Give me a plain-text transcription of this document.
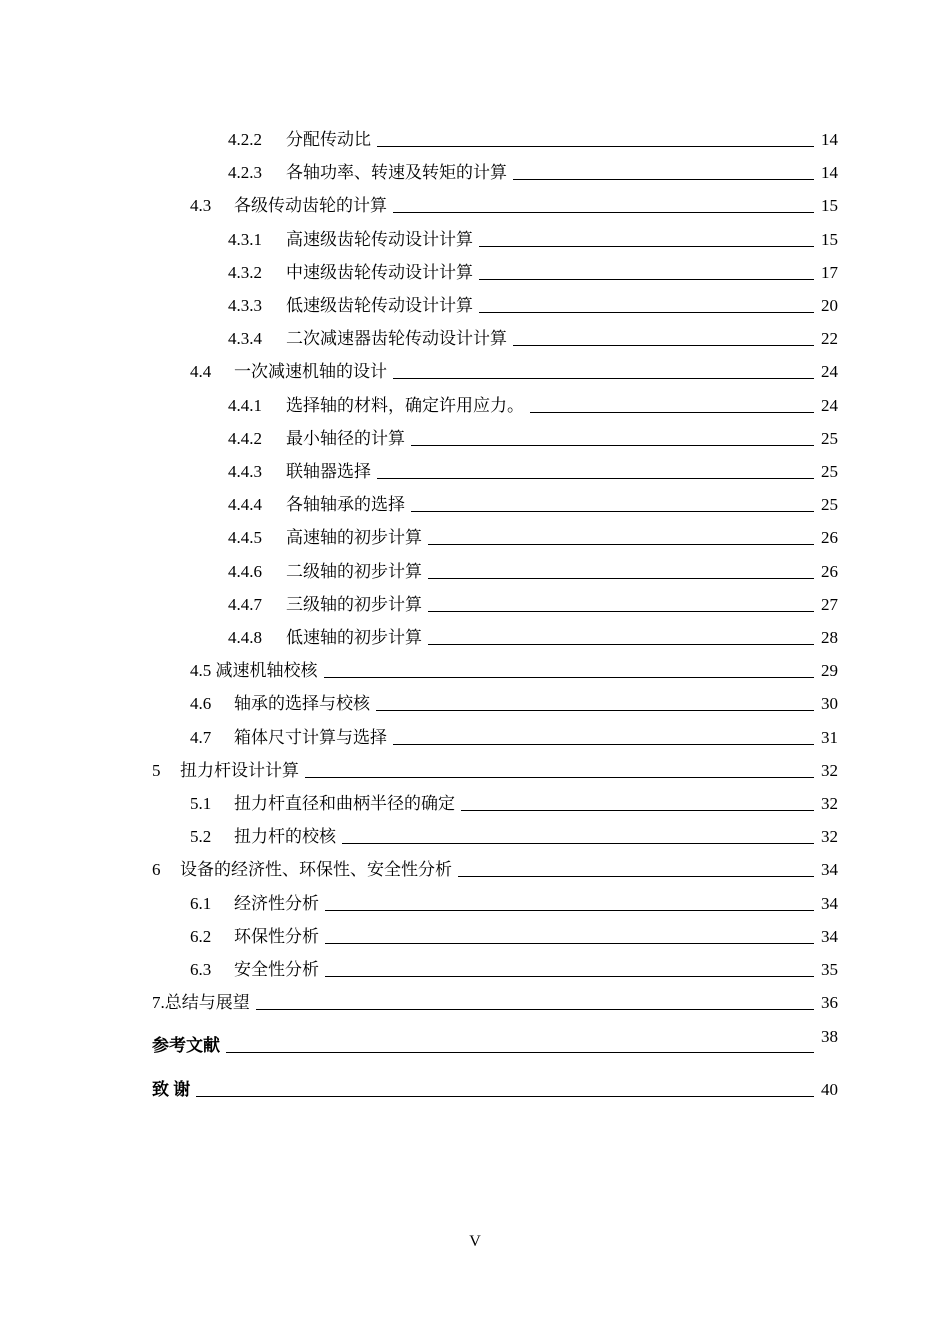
4.2.2	分配传动比	14
4.2.3	各轴功率、转速及转矩的计算	14
4.3	各级传动齿轮的计算	15
4.3.1	高速级齿轮传动设计计算	15
4.3.2	中速级齿轮传动设计计算	17
4.3.3	低速级齿轮传动设计计算	20
4.3.4	二次减速器齿轮传动设计计算	22
4.4	一次减速机轴的设计	24
4.4.1	选择轴的材料，确定许用应力。	24
4.4.2	最小轴径的计算	25
4.4.3	联轴器选择	25
4.4.4	各轴轴承的选择	25
4.4.5	高速轴的初步计算	26
4.4.6	二级轴的初步计算	26
4.4.7	三级轴的初步计算	27
4.4.8	低速轴的初步计算	28
4.5 减速机轴校核	29
4.6	轴承的选择与校核	30
4.7	箱体尺寸计算与选择	31
5	扭力杆设计计算	32
5.1	扭力杆直径和曲柄半径的确定	32
5.2	扭力杆的校核	32
6	设备的经济性、环保性、安全性分析	34
6.1	经济性分析	34
6.2	环保性分析	34
6.3	安全性分析	35
7.总结与展望	36
参考文献	38
致 谢	40
V
